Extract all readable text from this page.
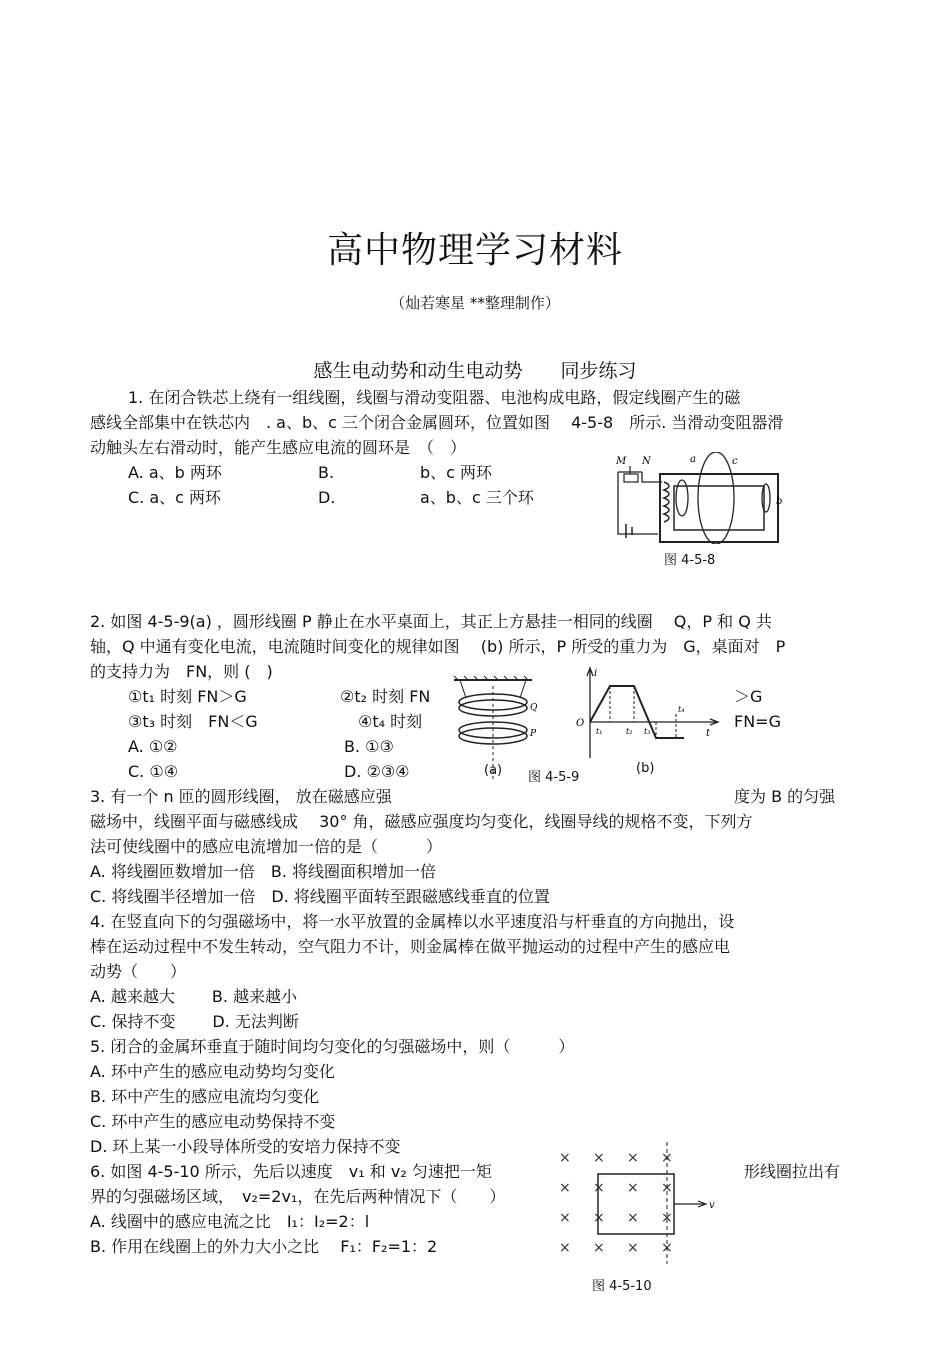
高中物理学习材料
（灿若寒星 **整理制作）
感生电动势和动生电动势　　同步练习
1. 在闭合铁芯上绕有一组线圈，线圈与滑动变阻器、电池构成电路，假定线圈产生的磁
感线全部集中在铁芯内　. a、b、c 三个闭合金属圆环，位置如图　 4-5-8　所示. 当滑动变阻器滑
动触头左右滑动时，能产生感应电流的圆环是　（　）
A. a、b 两环	B.	b、c 两环
C. a、c 两环	D.	a、b、c 三个环
M N	a	c
b
图 4-5-8
2. 如图 4-5-9(a) ，圆形线圈 P 静止在水平桌面上，其正上方悬挂一相同的线圈　 Q，P 和 Q 共
轴，Q 中通有变化电流，电流随时间变化的规律如图　 (b) 所示，P 所受的重力为　G，桌面对　P
的支持力为　FN，则 (　)
①t₁ 时刻 FN＞G	②t₂ 时刻 FN	＞G
③t₃ 时刻　FN＜G	④t₄ 时刻	FN=G
A. ①②	B. ①③
C. ①④	D. ②③④
Q
P
(a)
i
O
t
t₁	t₂ t₃
t₄
(b)
图 4-5-9
3. 有一个 n 匝的圆形线圈， 放在磁感应强	度为 B 的匀强
磁场中，线圈平面与磁感线成　 30° 角，磁感应强度均匀变化，线圈导线的规格不变，下列方
法可使线圈中的感应电流增加一倍的是（　　　）
A. 将线圈匝数增加一倍　B. 将线圈面积增加一倍
C. 将线圈半径增加一倍　D. 将线圈平面转至跟磁感线垂直的位置
4. 在竖直向下的匀强磁场中，将一水平放置的金属棒以水平速度沿与杆垂直的方向抛出，设
棒在运动过程中不发生转动，空气阻力不计，则金属棒在做平抛运动的过程中产生的感应电
动势（　　）
A. 越来越大　　 B. 越来越小
C. 保持不变　　 D. 无法判断
5. 闭合的金属环垂直于随时间均匀变化的匀强磁场中，则（　　　）
A. 环中产生的感应电动势均匀变化
B. 环中产生的感应电流均匀变化
C. 环中产生的感应电动势保持不变
D. 环上某一小段导体所受的安培力保持不变
6. 如图 4-5-10 所示，先后以速度　v₁ 和 v₂ 匀速把一矩	形线圈拉出有
界的匀强磁场区域，　v₂=2v₁，在先后两种情况下（　　）
A. 线圈中的感应电流之比　I₁：I₂=2：l
B. 作用在线圈上的外力大小之比　 F₁：F₂=1：2
× × × ×
× × × ×
× × × ×
× × × ×
v
图 4-5-10
